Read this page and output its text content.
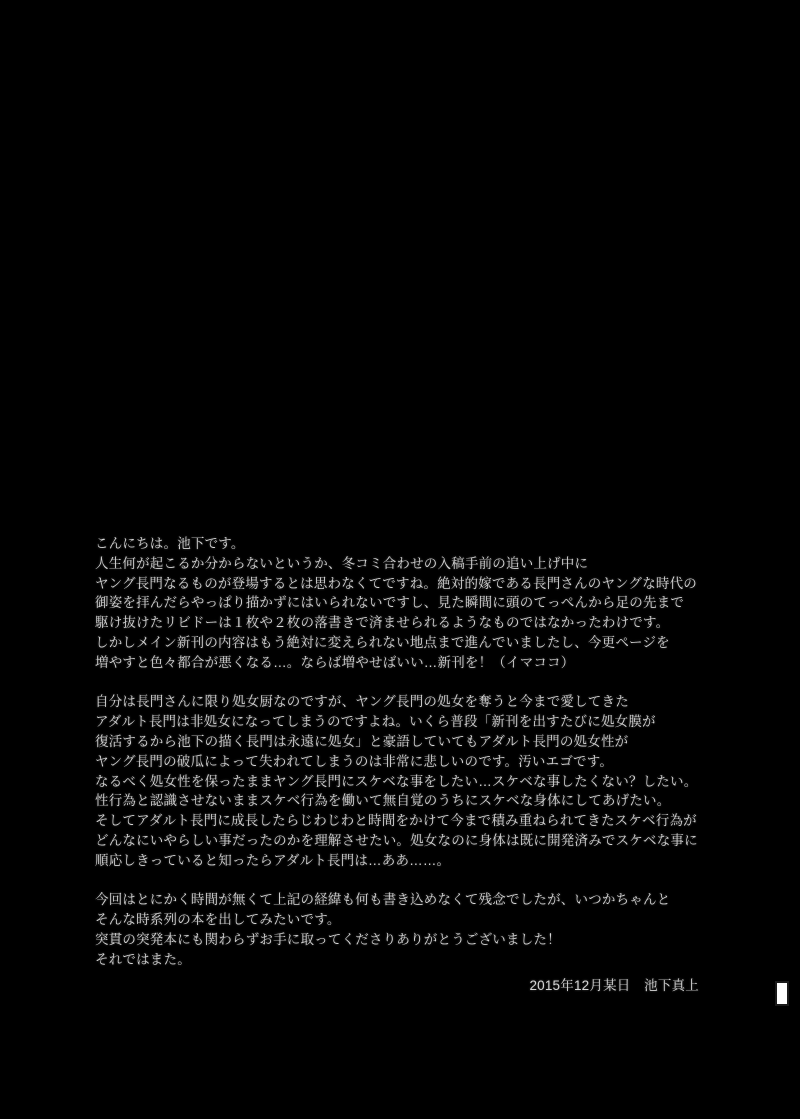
こんにちは。池下です。
人生何が起こるか分からないというか、冬コミ合わせの入稿手前の追い上げ中に
ヤング長門なるものが登場するとは思わなくてですね。絶対的嫁である長門さんのヤングな時代の
御姿を拝んだらやっぱり描かずにはいられないですし、見た瞬間に頭のてっぺんから足の先まで
駆け抜けたリビドーは１枚や２枚の落書きで済ませられるようなものではなかったわけです。
しかしメイン新刊の内容はもう絶対に変えられない地点まで進んでいましたし、今更ページを
増やすと色々都合が悪くなる…。ならば増やせばいい…新刊を！（イマココ）
自分は長門さんに限り処女厨なのですが、ヤング長門の処女を奪うと今まで愛してきた
アダルト長門は非処女になってしまうのですよね。いくら普段「新刊を出すたびに処女膜が
復活するから池下の描く長門は永遠に処女」と豪語していてもアダルト長門の処女性が
ヤング長門の破瓜によって失われてしまうのは非常に悲しいのです。汚いエゴです。
なるべく処女性を保ったままヤング長門にスケベな事をしたい…スケベな事したくない？したい。
性行為と認識させないままスケベ行為を働いて無自覚のうちにスケベな身体にしてあげたい。
そしてアダルト長門に成長したらじわじわと時間をかけて今まで積み重ねられてきたスケベ行為が
どんなにいやらしい事だったのかを理解させたい。処女なのに身体は既に開発済みでスケベな事に
順応しきっていると知ったらアダルト長門は…ああ……。
今回はとにかく時間が無くて上記の経緯も何も書き込めなくて残念でしたが、いつかちゃんと
そんな時系列の本を出してみたいです。
突貫の突発本にも関わらずお手に取ってくださりありがとうございました！
それではまた。
2015年12月某日　池下真上
